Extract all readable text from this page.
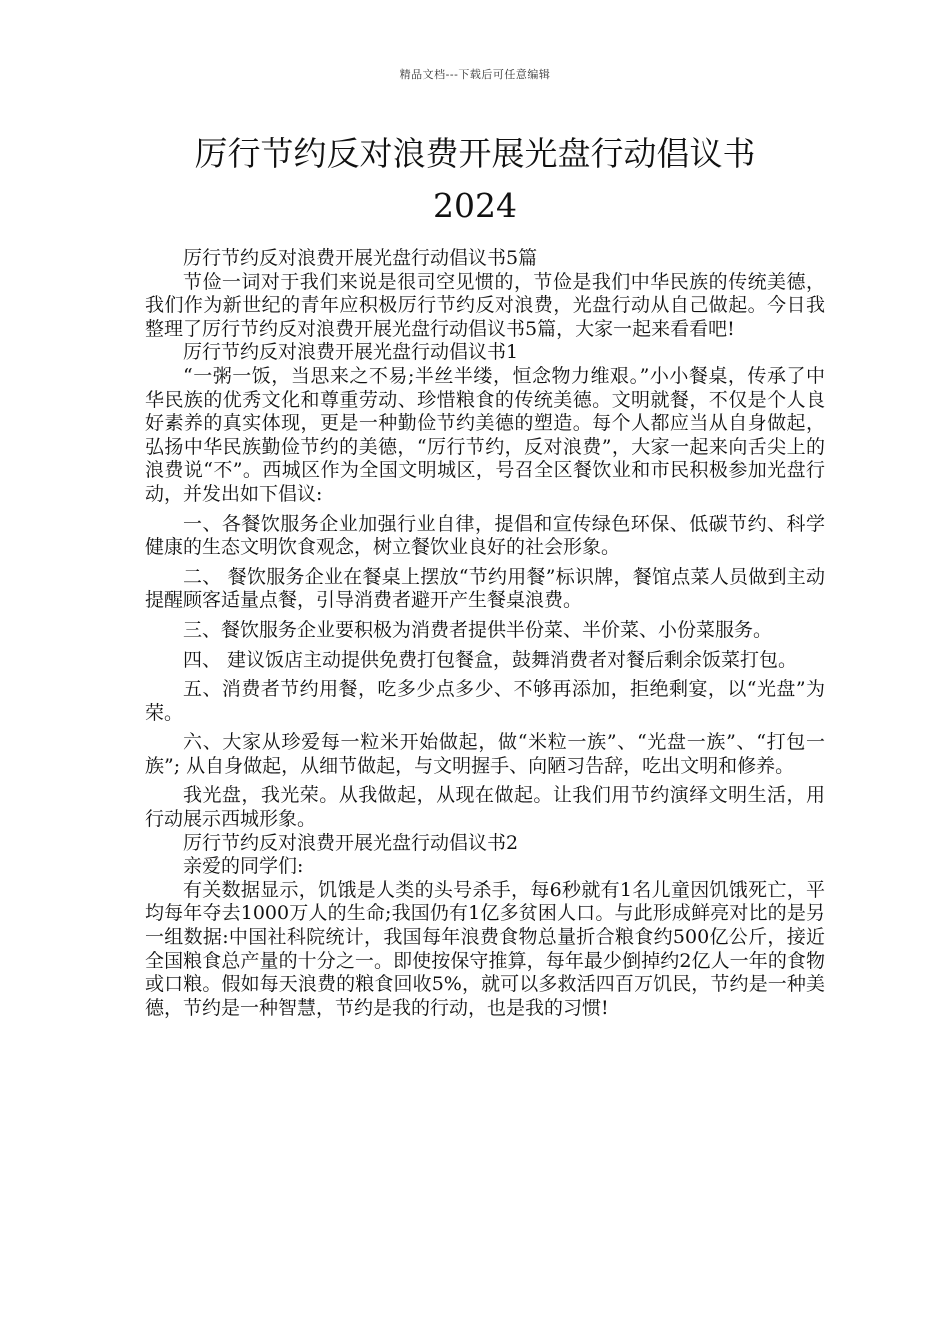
精品文档---下载后可任意编辑
厉行节约反对浪费开展光盘行动倡议书
2024

厉行节约反对浪费开展光盘行动倡议书5篇

节俭一词对于我们来说是很司空见惯的，节俭是我们中华民族的传统美德，我们作为新世纪的青年应积极厉行节约反对浪费，光盘行动从自己做起。今日我整理了厉行节约反对浪费开展光盘行动倡议书5篇，大家一起来看看吧!

厉行节约反对浪费开展光盘行动倡议书1

“一粥一饭，当思来之不易;半丝半缕，恒念物力维艰。”小小餐桌，传承了中华民族的优秀文化和尊重劳动、珍惜粮食的传统美德。文明就餐，不仅是个人良好素养的真实体现，更是一种勤俭节约美德的塑造。每个人都应当从自身做起，弘扬中华民族勤俭节约的美德，“厉行节约，反对浪费”，大家一起来向舌尖上的浪费说“不”。西城区作为全国文明城区，号召全区餐饮业和市民积极参加光盘行动，并发出如下倡议:

一、各餐饮服务企业加强行业自律，提倡和宣传绿色环保、低碳节约、科学健康的生态文明饮食观念，树立餐饮业良好的社会形象。

二、 餐饮服务企业在餐桌上摆放“节约用餐”标识牌，餐馆点菜人员做到主动提醒顾客适量点餐，引导消费者避开产生餐桌浪费。

三、餐饮服务企业要积极为消费者提供半份菜、半价菜、小份菜服务。

四、 建议饭店主动提供免费打包餐盒，鼓舞消费者对餐后剩余饭菜打包。

五、消费者节约用餐，吃多少点多少、不够再添加，拒绝剩宴，以“光盘”为荣。

六、大家从珍爱每一粒米开始做起，做“米粒一族”、“光盘一族”、“打包一族”; 从自身做起，从细节做起，与文明握手、向陋习告辞，吃出文明和修养。

我光盘，我光荣。从我做起，从现在做起。让我们用节约演绎文明生活，用行动展示西城形象。

厉行节约反对浪费开展光盘行动倡议书2

亲爱的同学们:

有关数据显示，饥饿是人类的头号杀手，每6秒就有1名儿童因饥饿死亡，平均每年夺去1000万人的生命;我国仍有1亿多贫困人口。与此形成鲜亮对比的是另一组数据:中国社科院统计，我国每年浪费食物总量折合粮食约500亿公斤，接近全国粮食总产量的十分之一。即使按保守推算，每年最少倒掉约2亿人一年的食物或口粮。假如每天浪费的粮食回收5%，就可以多救活四百万饥民，节约是一种美德，节约是一种智慧，节约是我的行动，也是我的习惯!
